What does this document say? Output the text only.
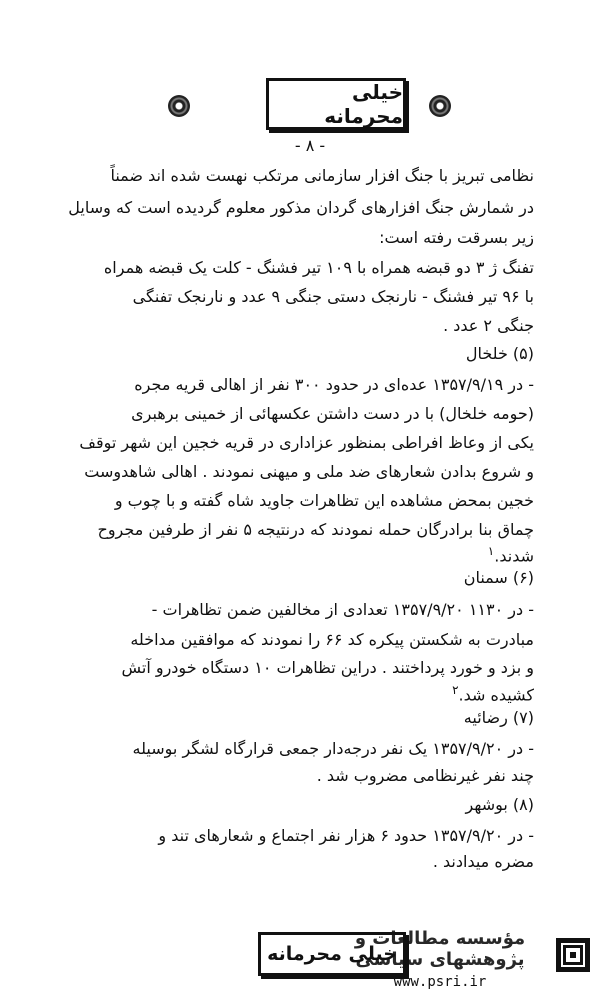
خیلی محرمانه
- ۸ -
نظامی تبریز با جنگ افزار سازمانی مرتکب نهست شده اند ضمناً
در شمارش جنگ افزارهای گردان مذکور معلوم گردیده است که وسایل
زیر بسرقت رفته است:
تفنگ ژ ۳ دو قبضه همراه با ۱۰۹ تیر فشنگ - کلت یک قبضه همراه
با ۹۶ تیر فشنگ - نارنجک دستی جنگی ۹ عدد و نارنجک تفنگی
جنگی ۲ عدد .
(۵) خلخال
- در ۱۳۵۷/۹/۱۹ عده‌ای در حدود ۳۰۰ نفر از اهالی قریه مجره
(حومه خلخال) با در دست داشتن عکسهائی از خمینی برهبری
یکی از وعاظ افراطی بمنظور عزاداری در قریه خجین این شهر توقف
و شروع بدادن شعارهای ضد ملی و میهنی نمودند . اهالی شاهدوست
خجین بمحض مشاهده این تظاهرات جاوید شاه گفته و با چوب و
چماق بنا برادرگان حمله نمودند که درنتیجه ۵ نفر از طرفین مجروح
شدند.$^۱$
(۶) سمنان
- در ۱۱۳۰ ۱۳۵۷/۹/۲۰ تعدادی از مخالفین ضمن تظاهرات -
مبادرت به شکستن پیکره کد ۶۶ را نمودند که موافقین مداخله
و بزد و خورد پرداختند . دراین تظاهرات ۱۰ دستگاه خودرو آتش
کشیده شد.$^۲$
(۷) رضائیه
- در ۱۳۵۷/۹/۲۰ یک نفر درجه‌دار جمعی قرارگاه لشگر بوسیله
چند نفر غیرنظامی مضروب شد .
(۸) بوشهر
- در ۱۳۵۷/۹/۲۰ حدود ۶ هزار نفر اجتماع و شعارهای تند و
مضره میدادند .
خیلی محرمانه
مؤسسه مطالعات و پژوهشهای سیاسی
www.psri.ir
